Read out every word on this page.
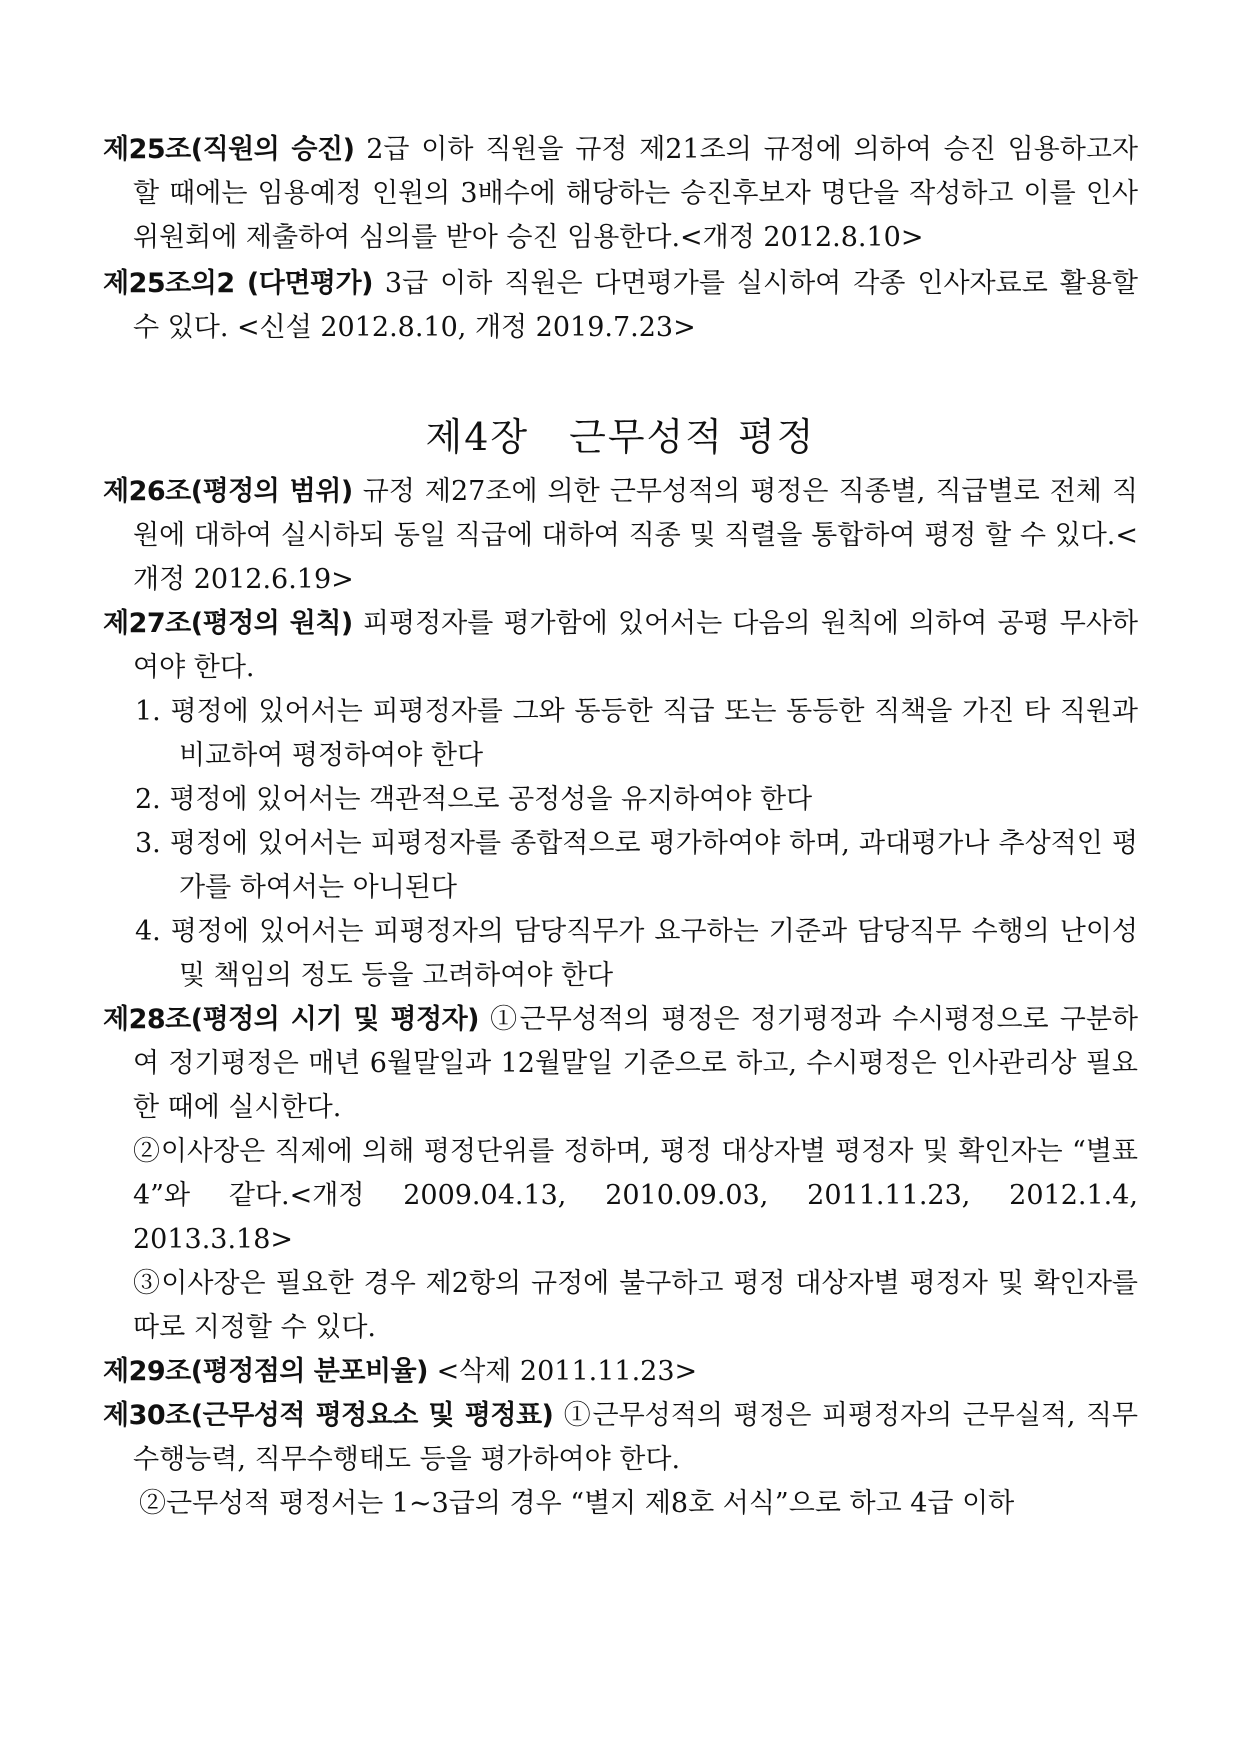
제25조(직원의 승진) 2급 이하 직원을 규정 제21조의 규정에 의하여 승진 임용하고자 할 때에는 임용예정 인원의 3배수에 해당하는 승진후보자 명단을 작성하고 이를 인사위원회에 제출하여 심의를 받아 승진 임용한다.<개정 2012.8.10>

제25조의2 (다면평가) 3급 이하 직원은 다면평가를 실시하여 각종 인사자료로 활용할 수 있다. <신설 2012.8.10, 개정 2019.7.23>

제4장 근무성적 평정

제26조(평정의 범위) 규정 제27조에 의한 근무성적의 평정은 직종별, 직급별로 전체 직원에 대하여 실시하되 동일 직급에 대하여 직종 및 직렬을 통합하여 평정 할 수 있다.<개정 2012.6.19>

제27조(평정의 원칙) 피평정자를 평가함에 있어서는 다음의 원칙에 의하여 공평 무사하여야 한다.

1. 평정에 있어서는 피평정자를 그와 동등한 직급 또는 동등한 직책을 가진 타 직원과 비교하여 평정하여야 한다

2. 평정에 있어서는 객관적으로 공정성을 유지하여야 한다

3. 평정에 있어서는 피평정자를 종합적으로 평가하여야 하며, 과대평가나 추상적인 평가를 하여서는 아니된다

4. 평정에 있어서는 피평정자의 담당직무가 요구하는 기준과 담당직무 수행의 난이성 및 책임의 정도 등을 고려하여야 한다

제28조(평정의 시기 및 평정자) ①근무성적의 평정은 정기평정과 수시평정으로 구분하여 정기평정은 매년 6월말일과 12월말일 기준으로 하고, 수시평정은 인사관리상 필요한 때에 실시한다.

②이사장은 직제에 의해 평정단위를 정하며, 평정 대상자별 평정자 및 확인자는 “별표4”와 같다.<개정 2009.04.13, 2010.09.03, 2011.11.23, 2012.1.4, 2013.3.18>

③이사장은 필요한 경우 제2항의 규정에 불구하고 평정 대상자별 평정자 및 확인자를 따로 지정할 수 있다.

제29조(평정점의 분포비율) <삭제 2011.11.23>

제30조(근무성적 평정요소 및 평정표) ①근무성적의 평정은 피평정자의 근무실적, 직무수행능력, 직무수행태도 등을 평가하여야 한다.

②근무성적 평정서는 1~3급의 경우 “별지 제8호 서식”으로 하고 4급 이하
